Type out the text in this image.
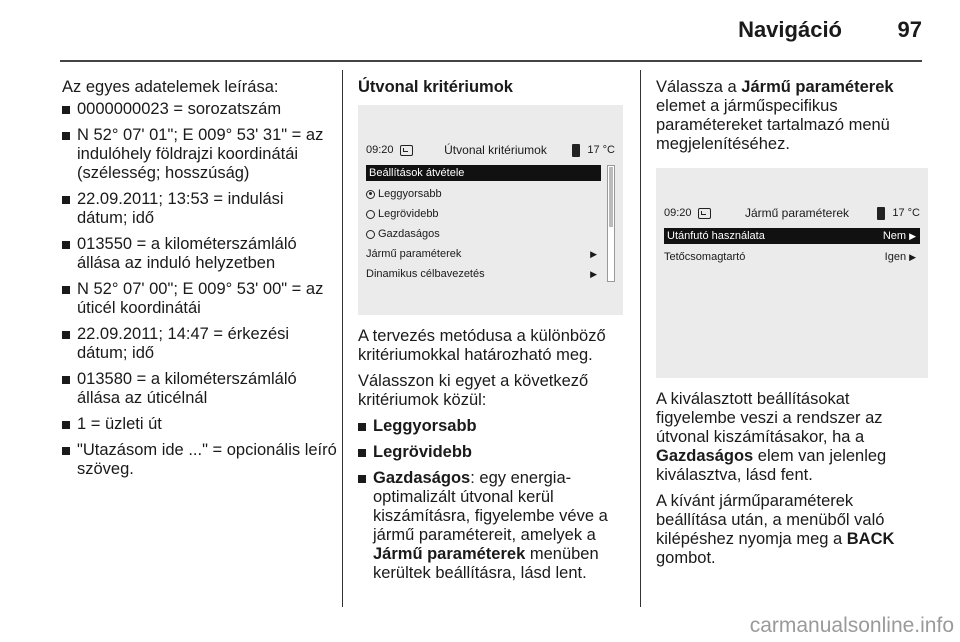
Navigáció	97

Az egyes adatelemek leírása:

0000000023 = sorozatszám
N 52° 07' 01"; E 009° 53' 31" = az indulóhely földrajzi koordinátái (szélesség; hosszúság)
22.09.2011; 13:53 = indulási dátum; idő
013550 = a kilométerszámláló állása az induló helyzetben
N 52° 07' 00"; E 009° 53' 00" = az úticél koordinátái
22.09.2011; 14:47 = érkezési dátum; idő
013580 = a kilométerszámláló állása az úticélnál
1 = üzleti út
"Utazásom ide ..." = opcionális leíró szöveg.

Útvonal kritériumok

09:20	Útvonal kritériumok	17 °C
Beállítások átvétele
Leggyorsabb
Legrövidebb
Gazdaságos
Jármű paraméterek	▶
Dinamikus célbavezetés	▶

A tervezés metódusa a különböző kritériumokkal határozható meg.

Válasszon ki egyet a következő kritériumok közül:

Leggyorsabb
Legrövidebb
Gazdaságos: egy energia-optimalizált útvonal kerül kiszámításra, figyelembe véve a jármű paramétereit, amelyek a Jármű paraméterek menüben kerültek beállításra, lásd lent.

Válassza a Jármű paraméterek elemet a járműspecifikus paramétereket tartalmazó menü megjelenítéséhez.

09:20	Jármű paraméterek	17 °C
Utánfutó használata	Nem ▶
Tetőcsomagtartó	Igen ▶

A kiválasztott beállításokat figyelembe veszi a rendszer az útvonal kiszámításakor, ha a Gazdaságos elem van jelenleg kiválasztva, lásd fent.

A kívánt járműparaméterek beállítása után, a menüből való kilépéshez nyomja meg a BACK gombot.

carmanualsonline.info
